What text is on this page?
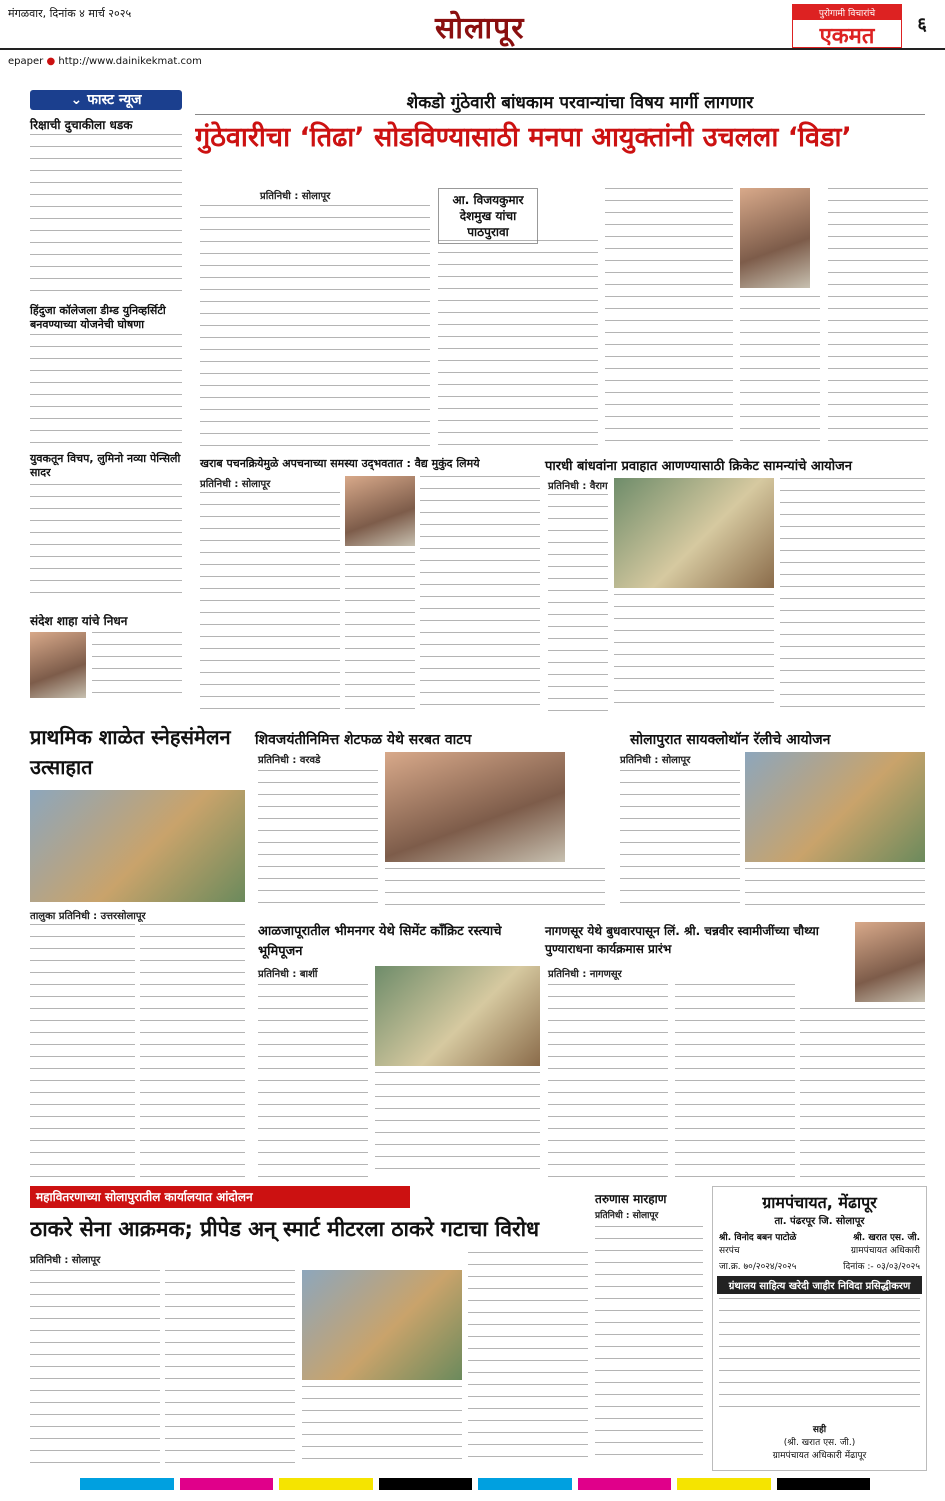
मंगळवार, दिनांक ४ मार्च २०२५	सोलापूर	पुरोगामी विचारांचे
एकमत	६
epaper ● http://www.dainikekmat.com
⌄ फास्ट न्यूज
रिक्षाची दुचाकीला धडक
हिंदुजा कॉलेजला डीम्ड युनिव्हर्सिटी बनवण्याच्या योजनेची घोषणा
युवकतून विचप, लुमिनो नव्या पेन्सिली सादर
संदेश शाहा यांचे निधन
शेकडो गुंठेवारी बांधकाम परवान्यांचा विषय मार्गी लागणार
गुंठेवारीचा ‘तिढा’ सोडविण्यासाठी मनपा आयुक्तांनी उचलला ‘विडा’
प्रतिनिधी : सोलापूर	आ. विजयकुमार देशमुख यांचा पाठपुरावा
खराब पचनक्रियेमुळे अपचनाच्या समस्या उद्‌भवतात : वैद्य मुकुंद लिमये
प्रतिनिधी : सोलापूर
पारधी बांधवांना प्रवाहात आणण्यासाठी क्रिकेट सामन्यांचे आयोजन
प्रतिनिधी : वैराग
प्राथमिक शाळेत स्नेहसंमेलन उत्साहात
तालुका प्रतिनिधी : उत्तरसोलापूर
शिवजयंतीनिमित्त शेटफळ येथे सरबत वाटप
प्रतिनिधी : वरवडे
सोलापुरात सायक्लोथॉन रॅलीचे आयोजन
प्रतिनिधी : सोलापूर
आळजापूरातील भीमनगर येथे सिमेंट कॉंक्रिट रस्त्याचे भूमिपूजन
प्रतिनिधी : बार्शी
नागणसूर येथे बुधवारपासून लिं. श्री. चन्नवीर स्वामीजींच्या चौथ्या पुण्याराधना कार्यक्रमास प्रारंभ
प्रतिनिधी : नागणसूर
महावितरणाच्या सोलापुरातील कार्यालयात आंदोलन
ठाकरे सेना आक्रमक; प्रीपेड अन्‌ स्मार्ट मीटरला ठाकरे गटाचा विरोध
प्रतिनिधी : सोलापूर
तरुणास मारहाण
प्रतिनिधी : सोलापूर
ग्रामपंचायत, मेंढापूर
ता. पंढरपूर जि. सोलापूर
श्री. विनोद बबन पाटोळे
सरपंच
श्री. खरात एस. जी.
ग्रामपंचायत अधिकारी
जा.क्र. ७०/२०२४/२०२५	दिनांक :- ०३/०३/२०२५
ग्रंथालय साहित्य खरेदी जाहीर निविदा प्रसिद्धीकरण
सही
(श्री. खरात एस. जी.)
ग्रामपंचायत अधिकारी मेंढापूर
